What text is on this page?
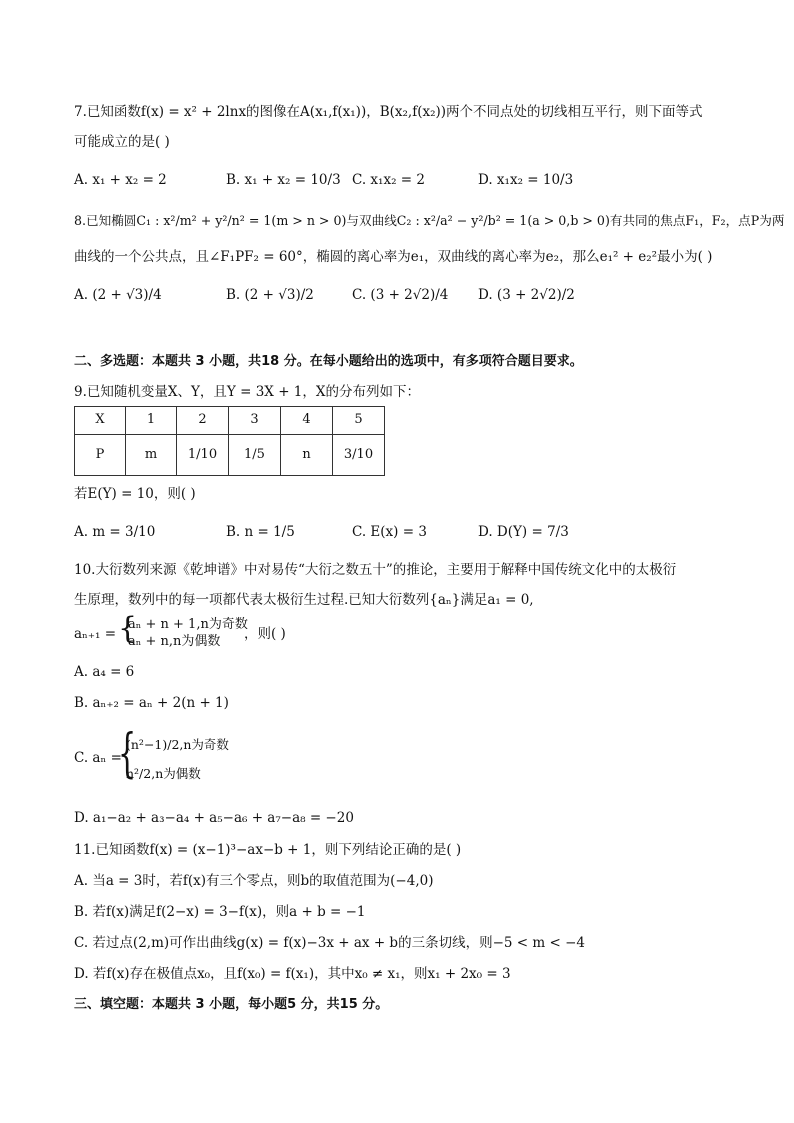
7.已知函数f(x) = x² + 2lnx的图像在A(x₁,f(x₁))，B(x₂,f(x₂))两个不同点处的切线相互平行，则下面等式
可能成立的是( )
A. x₁ + x₂ = 2	B. x₁ + x₂ = 10/3 C. x₁x₂ = 2	D. x₁x₂ = 10/3
8.已知椭圆C₁ : x²/m² + y²/n² = 1(m > n > 0)与双曲线C₂ : x²/a² − y²/b² = 1(a > 0,b > 0)有共同的焦点F₁，F₂，点P为两
曲线的一个公共点，且∠F₁PF₂ = 60°，椭圆的离心率为e₁，双曲线的离心率为e₂，那么e₁² + e₂²最小为( )
A. (2 + √3)/4	B. (2 + √3)/2	C. (3 + 2√2)/4 D. (3 + 2√2)/2
二、多选题：本题共 3 小题，共18 分。在每小题给出的选项中，有多项符合题目要求。
9.已知随机变量X、Y，且Y = 3X + 1，X的分布列如下：
X	1	2	3	4	5
P	m	1/10	1/5	n	3/10
若E(Y) = 10，则( )
A. m = 3/10	B. n = 1/5	C. E(x) = 3	D. D(Y) = 7/3
10.大衍数列来源《乾坤谱》中对易传“大衍之数五十”的推论，主要用于解释中国传统文化中的太极衍
生原理，数列中的每一项都代表太极衍生过程.已知大衍数列{aₙ}满足a₁ = 0,
aₙ₊₁ = {
aₙ + n + 1,n为奇数
aₙ + n,n为偶数 ，则( )
A. a₄ = 6
B. aₙ₊₂ = aₙ + 2(n + 1)
C. aₙ =
{
(n²−1)/2,n为奇数
n²/2,n为偶数
D. a₁−a₂ + a₃−a₄ + a₅−a₆ + a₇−a₈ = −20
11.已知函数f(x) = (x−1)³−ax−b + 1，则下列结论正确的是( )
A. 当a = 3时，若f(x)有三个零点，则b的取值范围为(−4,0)
B. 若f(x)满足f(2−x) = 3−f(x)，则a + b = −1
C. 若过点(2,m)可作出曲线g(x) = f(x)−3x + ax + b的三条切线，则−5 < m < −4
D. 若f(x)存在极值点x₀，且f(x₀) = f(x₁)，其中x₀ ≠ x₁，则x₁ + 2x₀ = 3
三、填空题：本题共 3 小题，每小题5 分，共15 分。
